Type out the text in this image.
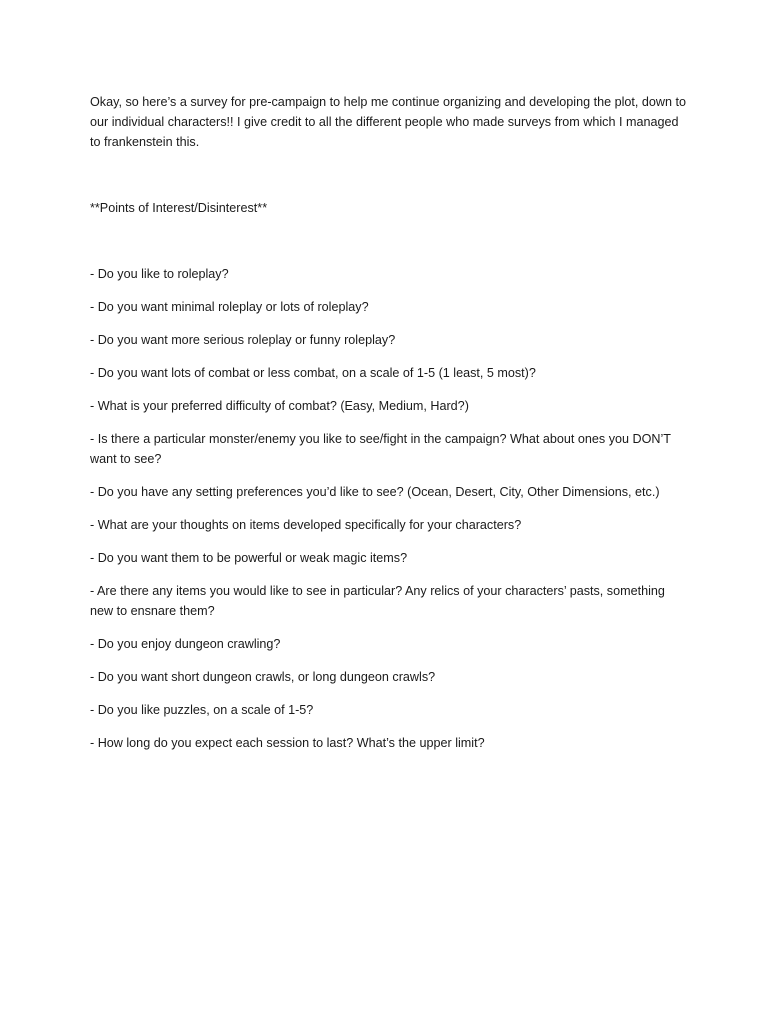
Okay, so here’s a survey for pre-campaign to help me continue organizing and developing the plot, down to our individual characters!! I give credit to all the different people who made surveys from which I managed to frankenstein this.

**Points of Interest/Disinterest**

- Do you like to roleplay?
- Do you want minimal roleplay or lots of roleplay?
- Do you want more serious roleplay or funny roleplay?
- Do you want lots of combat or less combat, on a scale of 1-5 (1 least, 5 most)?
- What is your preferred difficulty of combat? (Easy, Medium, Hard?)
- Is there a particular monster/enemy you like to see/fight in the campaign? What about ones you DON’T want to see?
- Do you have any setting preferences you’d like to see? (Ocean, Desert, City, Other Dimensions, etc.)
- What are your thoughts on items developed specifically for your characters?
- Do you want them to be powerful or weak magic items?
- Are there any items you would like to see in particular? Any relics of your characters’ pasts, something new to ensnare them?
- Do you enjoy dungeon crawling?
- Do you want short dungeon crawls, or long dungeon crawls?
- Do you like puzzles, on a scale of 1-5?
- How long do you expect each session to last? What’s the upper limit?
